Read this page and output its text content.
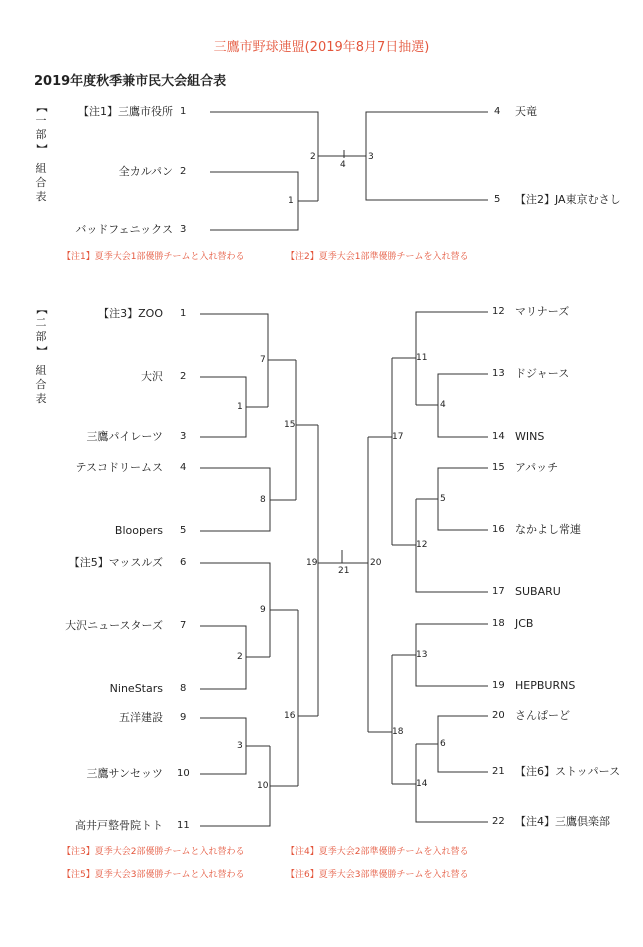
三鷹市野球連盟(2019年8月7日抽選)
2019年度秋季兼市民大会組合表
【
一
部
】
組
合
表
【注1】三鷹市役所 1
全カルパン 2
バッドフェニックス 3
4 天竜
5 【注2】JA東京むさし
1
2	3
4
【注1】夏季大会1部優勝チームと入れ替わる	【注2】夏季大会1部準優勝チームを入れ替る
【
二
部
】
組
合
表
【注3】ZOO 1
大沢 2
三鷹パイレーツ 3
テスコドリームス 4
Bloopers 5
【注5】マッスルズ 6
大沢ニュースターズ 7
NineStars 8
五洋建設 9
三鷹サンセッツ 10
高井戸整骨院トト 11
12 マリナーズ
13 ドジャース
14 WINS
15 アパッチ
16 なかよし常連
17 SUBARU
18 JCB
19 HEPBURNS
20 さんぱーど
21 【注6】ストッパース
22 【注4】三鷹倶楽部
1
2
3
4
5
6
7
8
9
10
11
12
13
14
15
16
17
18
19	20
21
【注3】夏季大会2部優勝チームと入れ替わる	【注4】夏季大会2部準優勝チームを入れ替る
【注5】夏季大会3部優勝チームと入れ替わる	【注6】夏季大会3部準優勝チームを入れ替る
